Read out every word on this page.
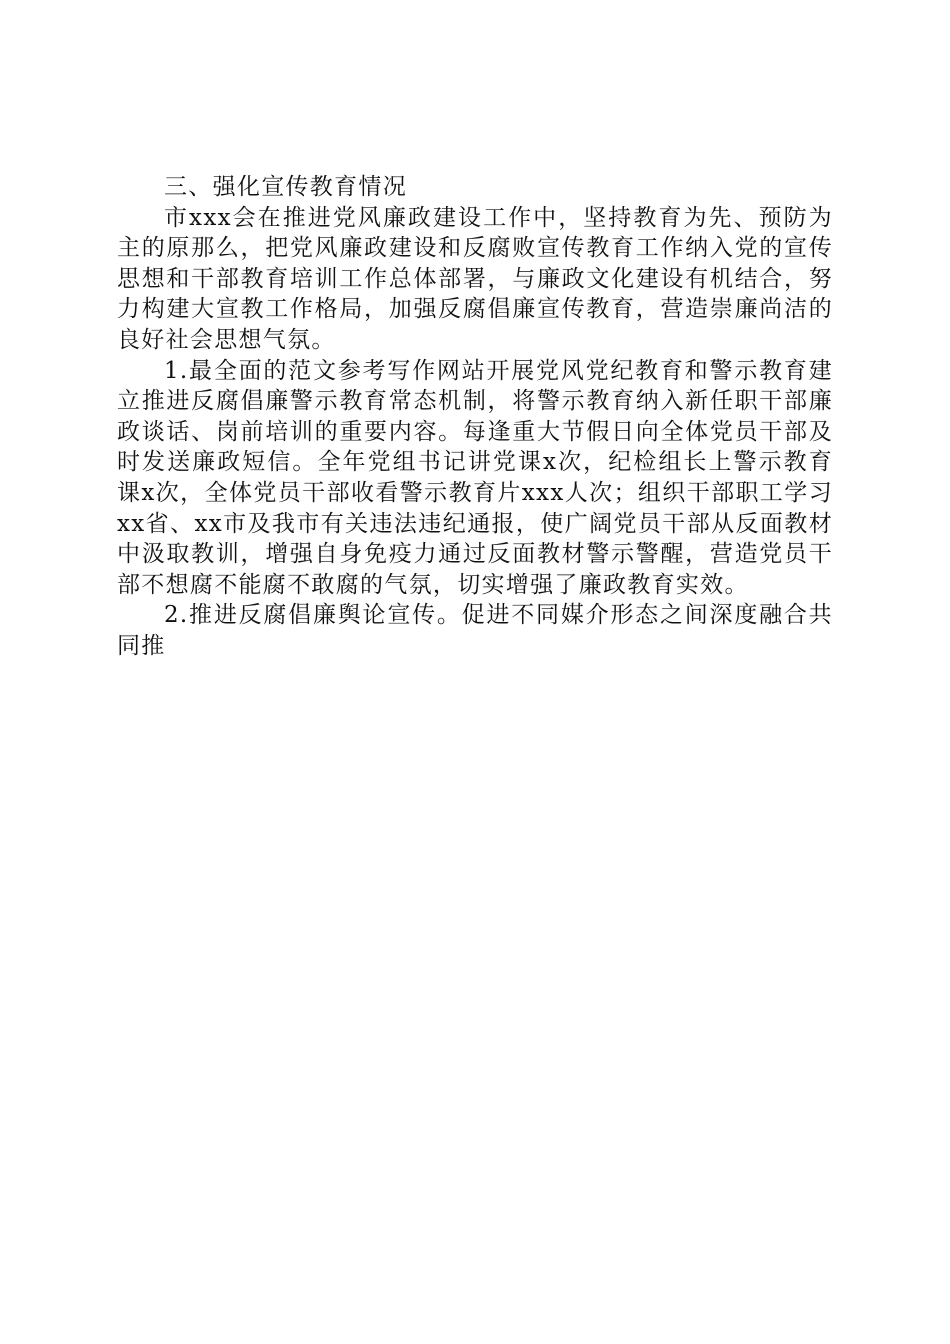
三、强化宣传教育情况

市xxx会在推进党风廉政建设工作中，坚持教育为先、预防为主的原那么，把党风廉政建设和反腐败宣传教育工作纳入党的宣传思想和干部教育培训工作总体部署，与廉政文化建设有机结合，努力构建大宣教工作格局，加强反腐倡廉宣传教育，营造崇廉尚洁的良好社会思想气氛。

1.最全面的范文参考写作网站开展党风党纪教育和警示教育建立推进反腐倡廉警示教育常态机制，将警示教育纳入新任职干部廉政谈话、岗前培训的重要内容。每逢重大节假日向全体党员干部及时发送廉政短信。全年党组书记讲党课x次，纪检组长上警示教育课x次，全体党员干部收看警示教育片xxx人次；组织干部职工学习xx省、xx市及我市有关违法违纪通报，使广阔党员干部从反面教材中汲取教训，增强自身免疫力通过反面教材警示警醒，营造党员干部不想腐不能腐不敢腐的气氛，切实增强了廉政教育实效。

2.推进反腐倡廉舆论宣传。促进不同媒介形态之间深度融合共同推
